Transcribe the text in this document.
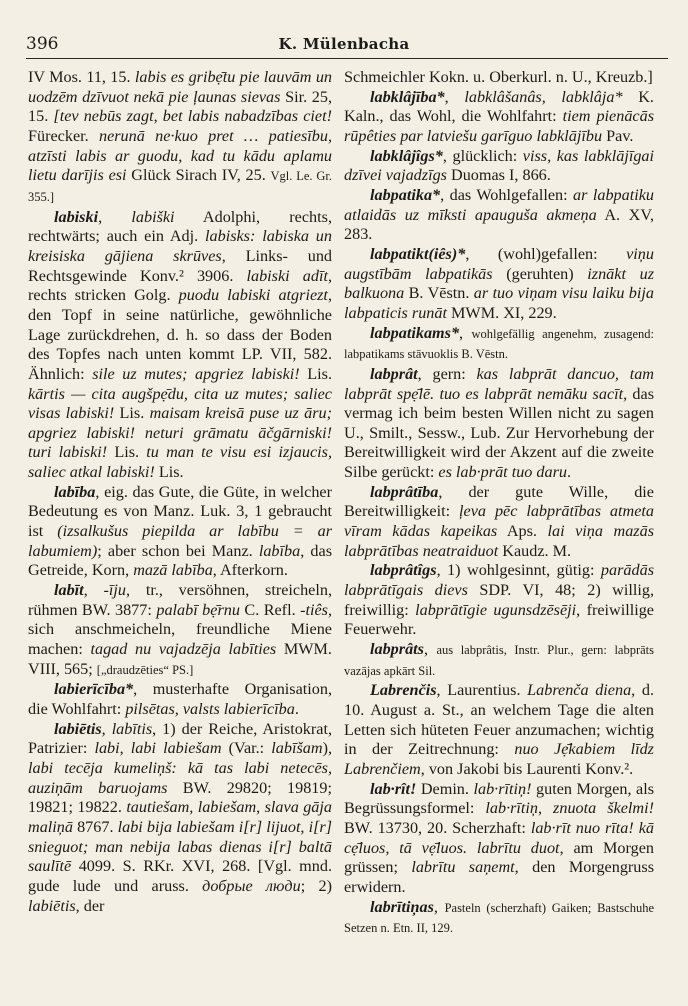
396	K. Mülenbacha

IV Mos. 11, 15. labis es gribẹ̄tu pie lauvām un uodzēm dzīvuot nekā pie ļaunas sievas Sir. 25, 15. [tev nebūs zagt, bet labis nabadzības ciet! Fürecker. nerunā ne·kuo pret … patiesību, atzīsti labis ar guodu, kad tu kādu aplamu lietu darījis esi Glück Sirach IV, 25. Vgl. Le. Gr. 355.]

labiski, labiški Adolphi, rechts, rechtwärts; auch ein Adj. labisks: labiska un kreisiska gājiena skrūves, Links- und Rechtsgewinde Konv.² 3906. labiski adīt, rechts stricken Golg. puodu labiski atgriezt, den Topf in seine natürliche, gewöhnliche Lage zurückdrehen, d. h. so dass der Boden des Topfes nach unten kommt LP. VII, 582. Ähnlich: sile uz mutes; apgriez labiski! Lis. kārtis — cita augšpẹ̄du, cita uz mutes; saliec visas labiski! Lis. maisam kreisā puse uz āru; apgriez labiski! neturi grāmatu āčgārniski! turi labiski! Lis. tu man te visu esi izjaucis, saliec atkal labiski! Lis.

labība, eig. das Gute, die Güte, in welcher Bedeutung es von Manz. Luk. 3, 1 gebraucht ist (izsalkušus piepilda ar labību = ar labumiem); aber schon bei Manz. labība, das Getreide, Korn, mazā labība, Afterkorn.

labīt, -īju, tr., versöhnen, streicheln, rühmen BW. 3877: palabī bẹ̄rnu C. Refl. -tiês, sich anschmeicheln, freundliche Miene machen: tagad nu vajadzēja labīties MWM. VIII, 565; [„draudzēties“ PS.]

labierīcība*, musterhafte Organisation, die Wohlfahrt: pilsētas, valsts labierīcība.

labiētis, labītis, 1) der Reiche, Aristokrat, Patrizier: labi, labi labiešam (Var.: labīšam), labi tecēja kumeliņš: kā tas labi netecēs, auziņām baruojams BW. 29820; 19819; 19821; 19822. tautiešam, labiešam, slava gāja maliņā 8767. labi bija labiešam i[r] lijuot, i[r] snieguot; man nebija labas dienas i[r] baltā saulītē 4099. S. RKr. XVI, 268. [Vgl. mnd. gude lude und aruss. добрые люди; 2) labiētis, der

Schmeichler Kokn. u. Oberkurl. n. U., Kreuzb.]

labklâjība*, labklâšanâs, labklâja* K. Kaln., das Wohl, die Wohlfahrt: tiem pienācās rūpêties par latviešu garīguo labklājību Pav.

labklâjîgs*, glücklich: viss, kas labklājīgai dzīvei vajadzīgs Duomas I, 866.

labpatika*, das Wohlgefallen: ar labpatiku atlaidās uz mīksti apauguša akmeņa A. XV, 283.

labpatikt(iês)*, (wohl)gefallen: viņu augstībām labpatikās (geruhten) iznākt uz balkuona B. Vēstn. ar tuo viņam visu laiku bija labpaticis runāt MWM. XI, 229.

labpatikams*, wohlgefällig angenehm, zusagend: labpatikams stāvuoklis B. Vēstn.

labprât, gern: kas labprāt dancuo, tam labprāt spẹ̄lē. tuo es labprāt nemāku sacīt, das vermag ich beim besten Willen nicht zu sagen U., Smilt., Sessw., Lub. Zur Hervorhebung der Bereitwilligkeit wird der Akzent auf die zweite Silbe gerückt: es lab·prāt tuo daru.

labprâtība, der gute Wille, die Bereitwilligkeit: ļeva pēc labprātības atmeta vīram kādas kapeikas Aps. lai viņa mazās labprātības neatraiduot Kaudz. M.

labprâtîgs, 1) wohlgesinnt, gütig: parādās labprātīgais dievs SDP. VI, 48; 2) willig, freiwillig: labprātīgie ugunsdzēsēji, freiwillige Feuerwehr.

labprâts, aus labprâtis, Instr. Plur., gern: labprāts vazājas apkārt Sil.

Labrenčis, Laurentius. Labrenča diena, d. 10. August a. St., an welchem Tage die alten Letten sich hüteten Feuer anzumachen; wichtig in der Zeitrechnung: nuo Jẹ̄kabiem līdz Labrenčiem, von Jakobi bis Laurenti Konv.².

lab·rît! Demin. lab·rītiņ! guten Morgen, als Begrüssungsformel: lab·rītiņ, znuota škelmi! BW. 13730, 20. Scherzhaft: lab·rīt nuo rīta! kā cẹ̄luos, tā vẹ̄luos. labrītu duot, am Morgen grüssen; labrītu saņemt, den Morgengruss erwidern.

labrītiņas, Pasteln (scherzhaft) Gaiken; Bastschuhe Setzen n. Etn. II, 129.
